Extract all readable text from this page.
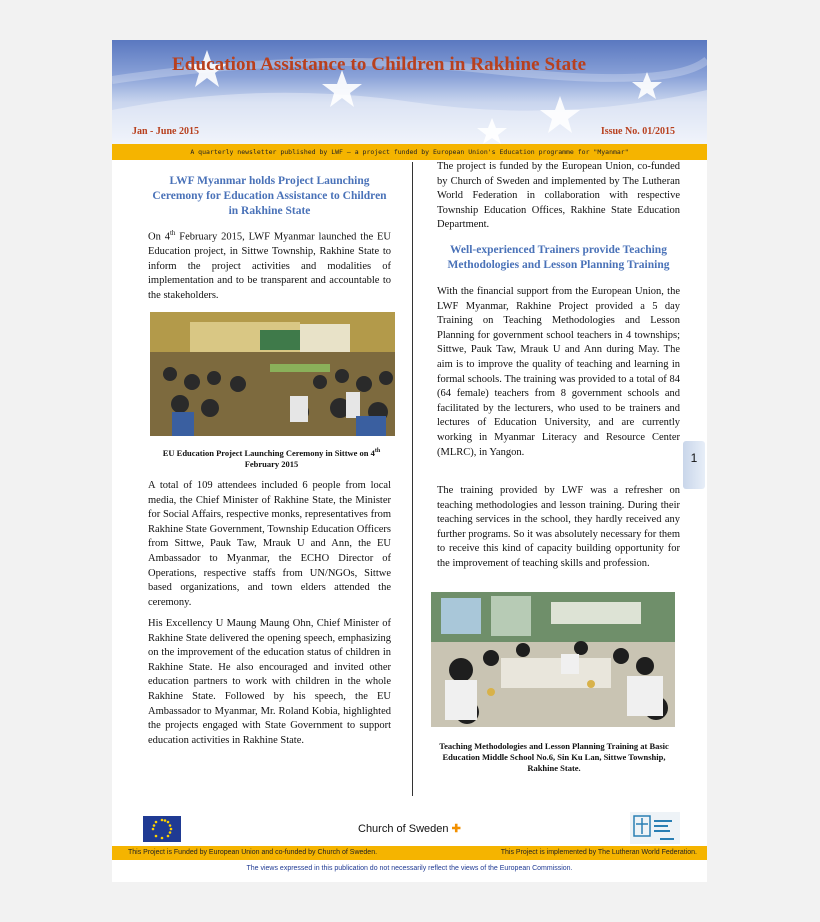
Education Assistance to Children in Rakhine State
Jan - June 2015	Issue No. 01/2015
A quarterly newsletter published by LWF – a project funded by European Union's Education programme for "Myanmar"
LWF Myanmar holds Project Launching Ceremony for Education Assistance to Children in Rakhine State

On 4th February 2015, LWF Myanmar launched the EU Education project, in Sittwe Township, Rakhine State to inform the project activities and modalities of implementation and to be transparent and accountable to the stakeholders.

EU Education Project Launching Ceremony in Sittwe on 4th February 2015

A total of 109 attendees included 6 people from local media, the Chief Minister of Rakhine State, the Minister for Social Affairs, respective monks, representatives from Rakhine State Government, Township Education Officers from Sittwe, Pauk Taw, Mrauk U and Ann, the EU Ambassador to Myanmar, the ECHO Director of Operations, respective staffs from UN/NGOs, Sittwe based organizations, and town elders attended the ceremony.

His Excellency U Maung Maung Ohn, Chief Minister of Rakhine State delivered the opening speech, emphasizing on the improvement of the education status of children in Rakhine State. He also encouraged and invited other education partners to work with children in the whole Rakhine State. Followed by his speech, the EU Ambassador to Myanmar, Mr. Roland Kobia, highlighted the projects engaged with State Government to support education activities in Rakhine State.

The project is funded by the European Union, co-funded by Church of Sweden and implemented by The Lutheran World Federation in collaboration with respective Township Education Offices, Rakhine State Education Department.

Well-experienced Trainers provide Teaching Methodologies and Lesson Planning Training

With the financial support from the European Union, the LWF Myanmar, Rakhine Project provided a 5 day Training on Teaching Methodologies and Lesson Planning for government school teachers in 4 townships; Sittwe, Pauk Taw, Mrauk U and Ann during May. The aim is to improve the quality of teaching and learning in formal schools. The training was provided to a total of 84 (64 female) teachers from 8 government schools and facilitated by the lecturers, who used to be trainers and lectures of Education University, and are currently working in Myanmar Literacy and Resource Center (MLRC), in Yangon.

The training provided by LWF was a refresher on teaching methodologies and lesson training. During their teaching services in the school, they hardly received any further programs. So it was absolutely necessary for them to receive this kind of capacity building opportunity for the improvement of teaching skills and profession.

Teaching Methodologies and Lesson Planning Training at Basic Education Middle School No.6, Sin Ku Lan, Sittwe Township, Rakhine State.
Church of Sweden ✚
This Project is Funded by European Union and co-funded by Church of Sweden.	This Project is implemented by The Lutheran World Federation.
The views expressed in this publication do not necessarily reflect the views of the European Commission.
1
